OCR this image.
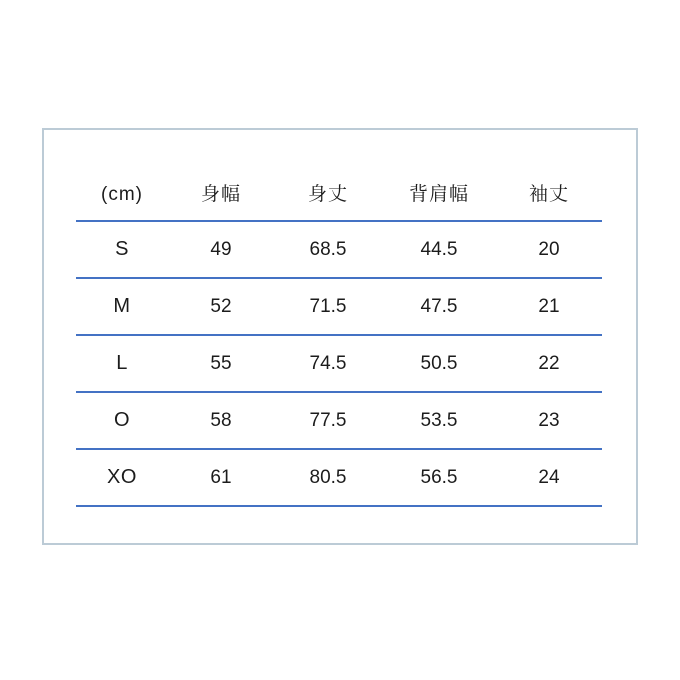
(cm)	身幅	身丈	背肩幅	袖丈
S	49	68.5	44.5	20
M	52	71.5	47.5	21
L	55	74.5	50.5	22
O	58	77.5	53.5	23
XO	61	80.5	56.5	24
